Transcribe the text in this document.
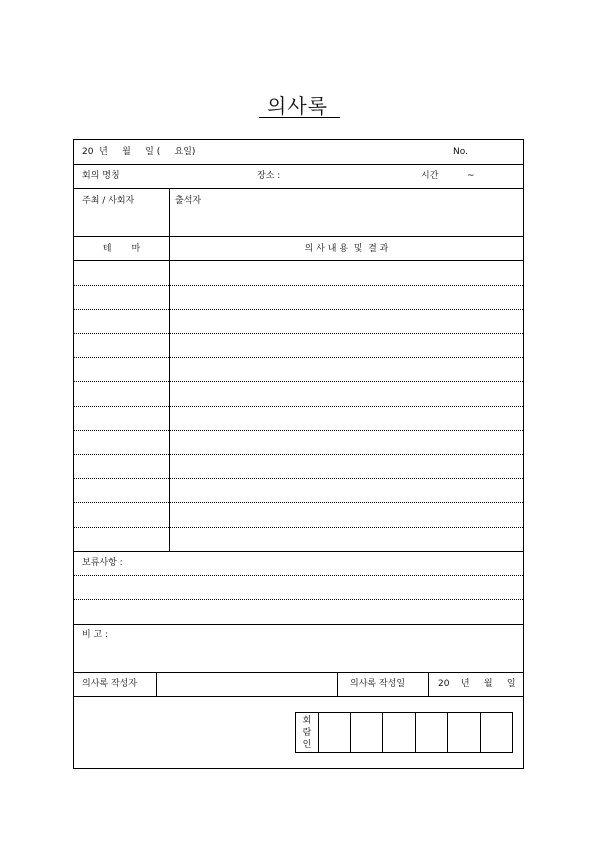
의사록
20  년     월     일 (     요일)	No.
회의 명칭	장소 :	시간	~
주최 / 사회자	출석자
테       마	의 사 내 용  및  결 과
보류사항 :
비 고 :
의사록 작성자	의사록 작성일	20    년     월     일
회
람
인
